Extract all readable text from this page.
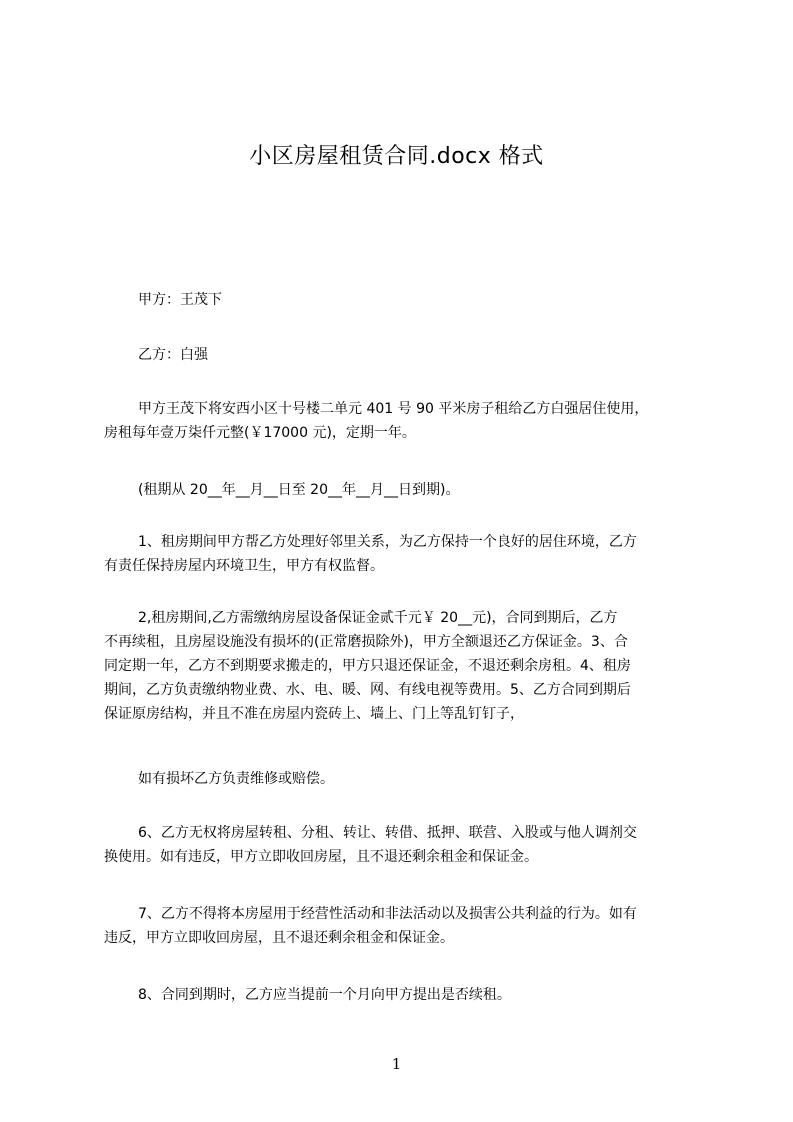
小区房屋租赁合同.docx 格式
甲方：王茂下
乙方：白强
甲方王茂下将安西小区十号楼二单元 401 号 90 平米房子租给乙方白强居住使用，
房租每年壹万柒仟元整(￥17000 元)，定期一年。
(租期从 20__年__月__日至 20__年__月__日到期)。
1、租房期间甲方帮乙方处理好邻里关系，为乙方保持一个良好的居住环境，乙方
有责任保持房屋内环境卫生，甲方有权监督。
2,租房期间,乙方需缴纳房屋设备保证金贰千元￥ 20__元)，合同到期后，乙方
不再续租，且房屋设施没有损坏的(正常磨损除外)，甲方全额退还乙方保证金。3、合
同定期一年，乙方不到期要求搬走的，甲方只退还保证金，不退还剩余房租。4、租房
期间，乙方负责缴纳物业费、水、电、暖、网、有线电视等费用。5、乙方合同到期后
保证原房结构，并且不准在房屋内瓷砖上、墙上、门上等乱钉钉子，
如有损坏乙方负责维修或赔偿。
6、乙方无权将房屋转租、分租、转让、转借、抵押、联营、入股或与他人调剂交
换使用。如有违反，甲方立即收回房屋，且不退还剩余租金和保证金。
7、乙方不得将本房屋用于经营性活动和非法活动以及损害公共利益的行为。如有
违反，甲方立即收回房屋，且不退还剩余租金和保证金。
8、合同到期时，乙方应当提前一个月向甲方提出是否续租。
1
